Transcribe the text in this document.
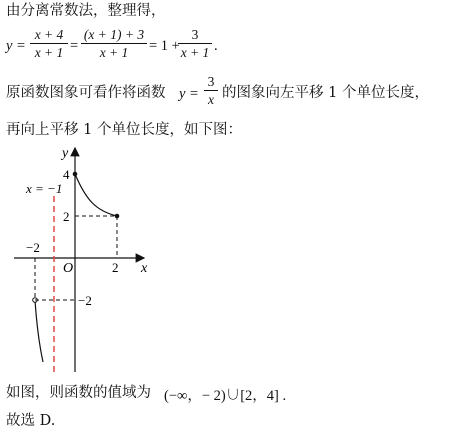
由分离常数法，整理得，
y =
x + 4
x + 1 =
(x + 1) + 3
x + 1	= 1 +
3
x + 1 .
原函数图象可看作将函数 y =
3
x 的图象向左平移 1 个单位长度，
再向上平移 1 个单位长度，如下图：
y
x
O
x = −1
4
2
−2
2
−2
如图，则函数的值域为 (−∞，− 2)∪[2，4] .
故选 D.
